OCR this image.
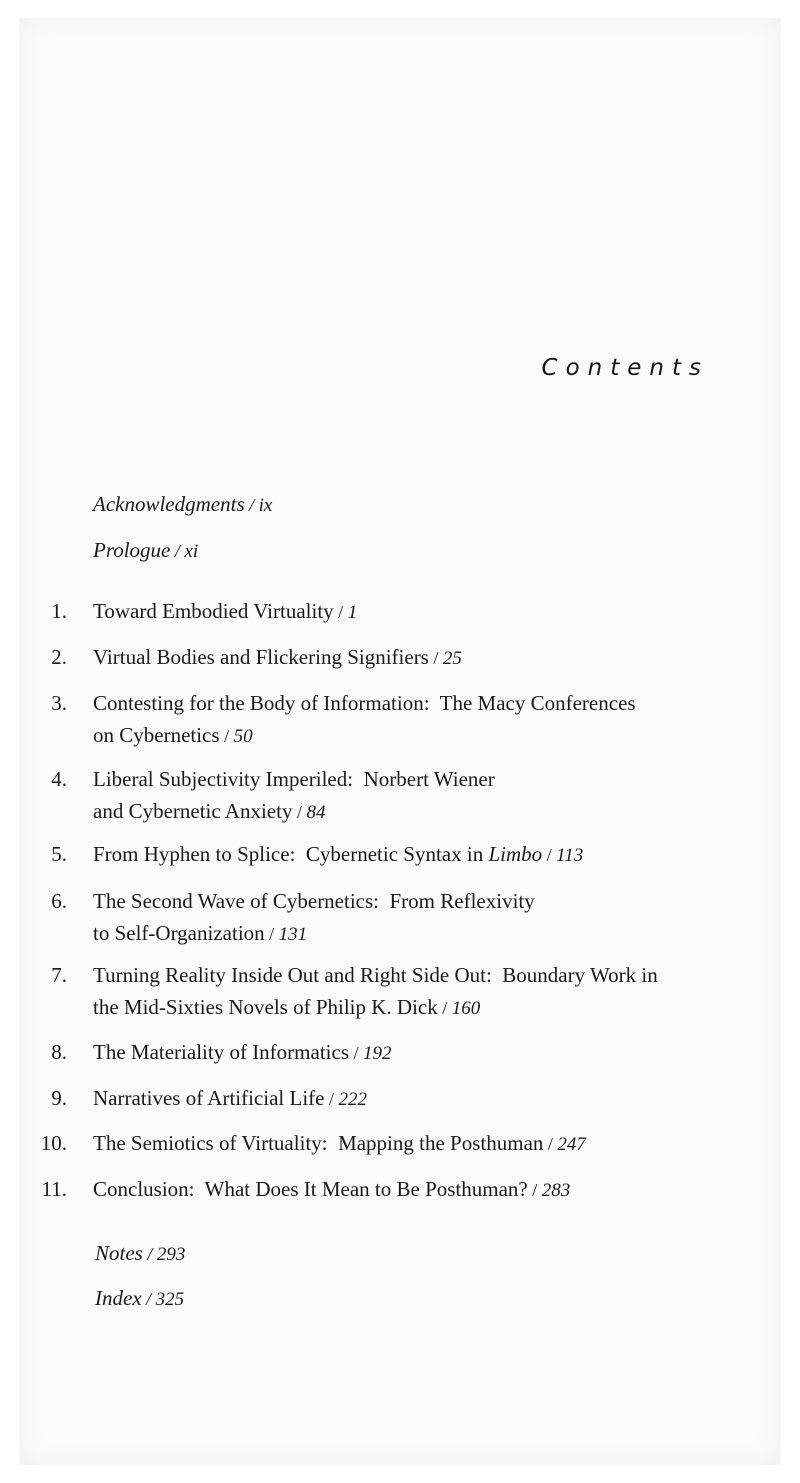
Contents
Acknowledgments / ix
Prologue / xi
1. Toward Embodied Virtuality / 1
2. Virtual Bodies and Flickering Signifiers / 25
3. Contesting for the Body of Information:  The Macy Conferences
on Cybernetics / 50
4. Liberal Subjectivity Imperiled:  Norbert Wiener
and Cybernetic Anxiety / 84
5. From Hyphen to Splice:  Cybernetic Syntax in Limbo / 113
6. The Second Wave of Cybernetics:  From Reflexivity
to Self-Organization / 131
7. Turning Reality Inside Out and Right Side Out:  Boundary Work in
the Mid-Sixties Novels of Philip K. Dick / 160
8. The Materiality of Informatics / 192
9. Narratives of Artificial Life / 222
10. The Semiotics of Virtuality:  Mapping the Posthuman / 247
11. Conclusion:  What Does It Mean to Be Posthuman? / 283
Notes / 293
Index / 325
